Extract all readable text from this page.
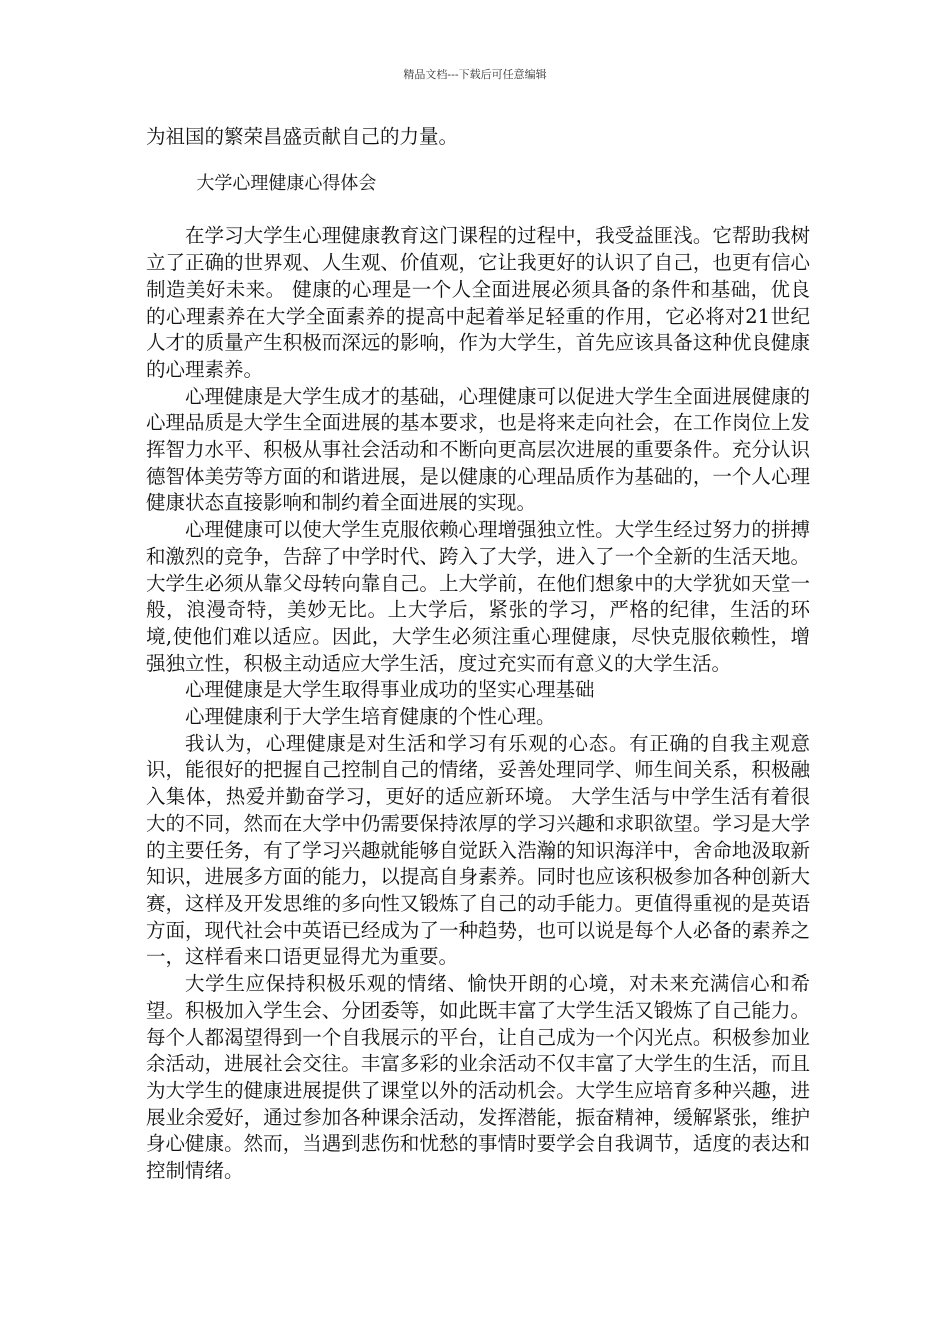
精品文档---下载后可任意编辑

为祖国的繁荣昌盛贡献自己的力量。

大学心理健康心得体会

在学习大学生心理健康教育这门课程的过程中，我受益匪浅。它帮助我树立了正确的世界观、人生观、价值观，它让我更好的认识了自己，也更有信心制造美好未来。 健康的心理是一个人全面进展必须具备的条件和基础，优良的心理素养在大学全面素养的提高中起着举足轻重的作用，它必将对21世纪人才的质量产生积极而深远的影响，作为大学生，首先应该具备这种优良健康的心理素养。

心理健康是大学生成才的基础，心理健康可以促进大学生全面进展健康的心理品质是大学生全面进展的基本要求，也是将来走向社会，在工作岗位上发挥智力水平、积极从事社会活动和不断向更高层次进展的重要条件。充分认识德智体美劳等方面的和谐进展，是以健康的心理品质作为基础的，一个人心理健康状态直接影响和制约着全面进展的实现。

心理健康可以使大学生克服依赖心理增强独立性。大学生经过努力的拼搏和激烈的竞争，告辞了中学时代、跨入了大学，进入了一个全新的生活天地。大学生必须从靠父母转向靠自己。上大学前，在他们想象中的大学犹如天堂一般，浪漫奇特，美妙无比。上大学后，紧张的学习，严格的纪律，生活的环境,使他们难以适应。因此，大学生必须注重心理健康，尽快克服依赖性，增强独立性，积极主动适应大学生活，度过充实而有意义的大学生活。

心理健康是大学生取得事业成功的坚实心理基础

心理健康利于大学生培育健康的个性心理。

我认为，心理健康是对生活和学习有乐观的心态。有正确的自我主观意识，能很好的把握自己控制自己的情绪，妥善处理同学、师生间关系，积极融入集体，热爱并勤奋学习，更好的适应新环境。 大学生活与中学生活有着很大的不同，然而在大学中仍需要保持浓厚的学习兴趣和求职欲望。学习是大学的主要任务，有了学习兴趣就能够自觉跃入浩瀚的知识海洋中，舍命地汲取新知识，进展多方面的能力，以提高自身素养。同时也应该积极参加各种创新大赛，这样及开发思维的多向性又锻炼了自己的动手能力。更值得重视的是英语方面，现代社会中英语已经成为了一种趋势，也可以说是每个人必备的素养之一，这样看来口语更显得尤为重要。

大学生应保持积极乐观的情绪、愉快开朗的心境，对未来充满信心和希望。积极加入学生会、分团委等，如此既丰富了大学生活又锻炼了自己能力。每个人都渴望得到一个自我展示的平台，让自己成为一个闪光点。积极参加业余活动，进展社会交往。丰富多彩的业余活动不仅丰富了大学生的生活，而且为大学生的健康进展提供了课堂以外的活动机会。大学生应培育多种兴趣，进展业余爱好，通过参加各种课余活动，发挥潜能，振奋精神，缓解紧张，维护身心健康。然而，当遇到悲伤和忧愁的事情时要学会自我调节，适度的表达和控制情绪。
